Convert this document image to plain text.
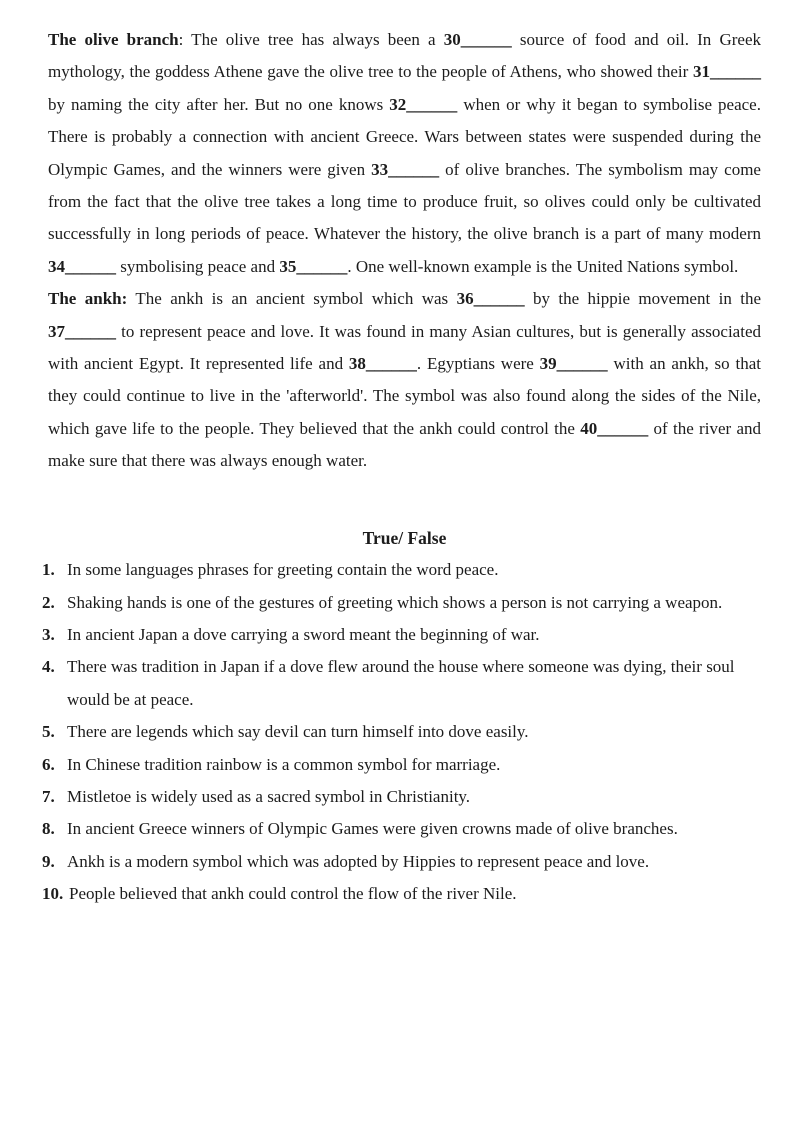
The olive branch: The olive tree has always been a 30______ source of food and oil. In Greek mythology, the goddess Athene gave the olive tree to the people of Athens, who showed their 31______ by naming the city after her. But no one knows 32______ when or why it began to symbolise peace. There is probably a connection with ancient Greece. Wars between states were suspended during the Olympic Games, and the winners were given 33______ of olive branches. The symbolism may come from the fact that the olive tree takes a long time to produce fruit, so olives could only be cultivated successfully in long periods of peace. Whatever the history, the olive branch is a part of many modern 34______ symbolising peace and 35______. One well-known example is the United Nations symbol.

The ankh: The ankh is an ancient symbol which was 36______ by the hippie movement in the 37______ to represent peace and love. It was found in many Asian cultures, but is generally associated with ancient Egypt. It represented life and 38______. Egyptians were 39______ with an ankh, so that they could continue to live in the 'afterworld'. The symbol was also found along the sides of the Nile, which gave life to the people. They believed that the ankh could control the 40______ of the river and make sure that there was always enough water.

True/ False

1. In some languages phrases for greeting contain the word peace.
2. Shaking hands is one of the gestures of greeting which shows a person is not carrying a weapon.
3. In ancient Japan a dove carrying a sword meant the beginning of war.
4. There was tradition in Japan if a dove flew around the house where someone was dying, their soul would be at peace.
5. There are legends which say devil can turn himself into dove easily.
6. In Chinese tradition rainbow is a common symbol for marriage.
7. Mistletoe is widely used as a sacred symbol in Christianity.
8. In ancient Greece winners of Olympic Games were given crowns made of olive branches.
9. Ankh is a modern symbol which was adopted by Hippies to represent peace and love.
10. People believed that ankh could control the flow of the river Nile.
